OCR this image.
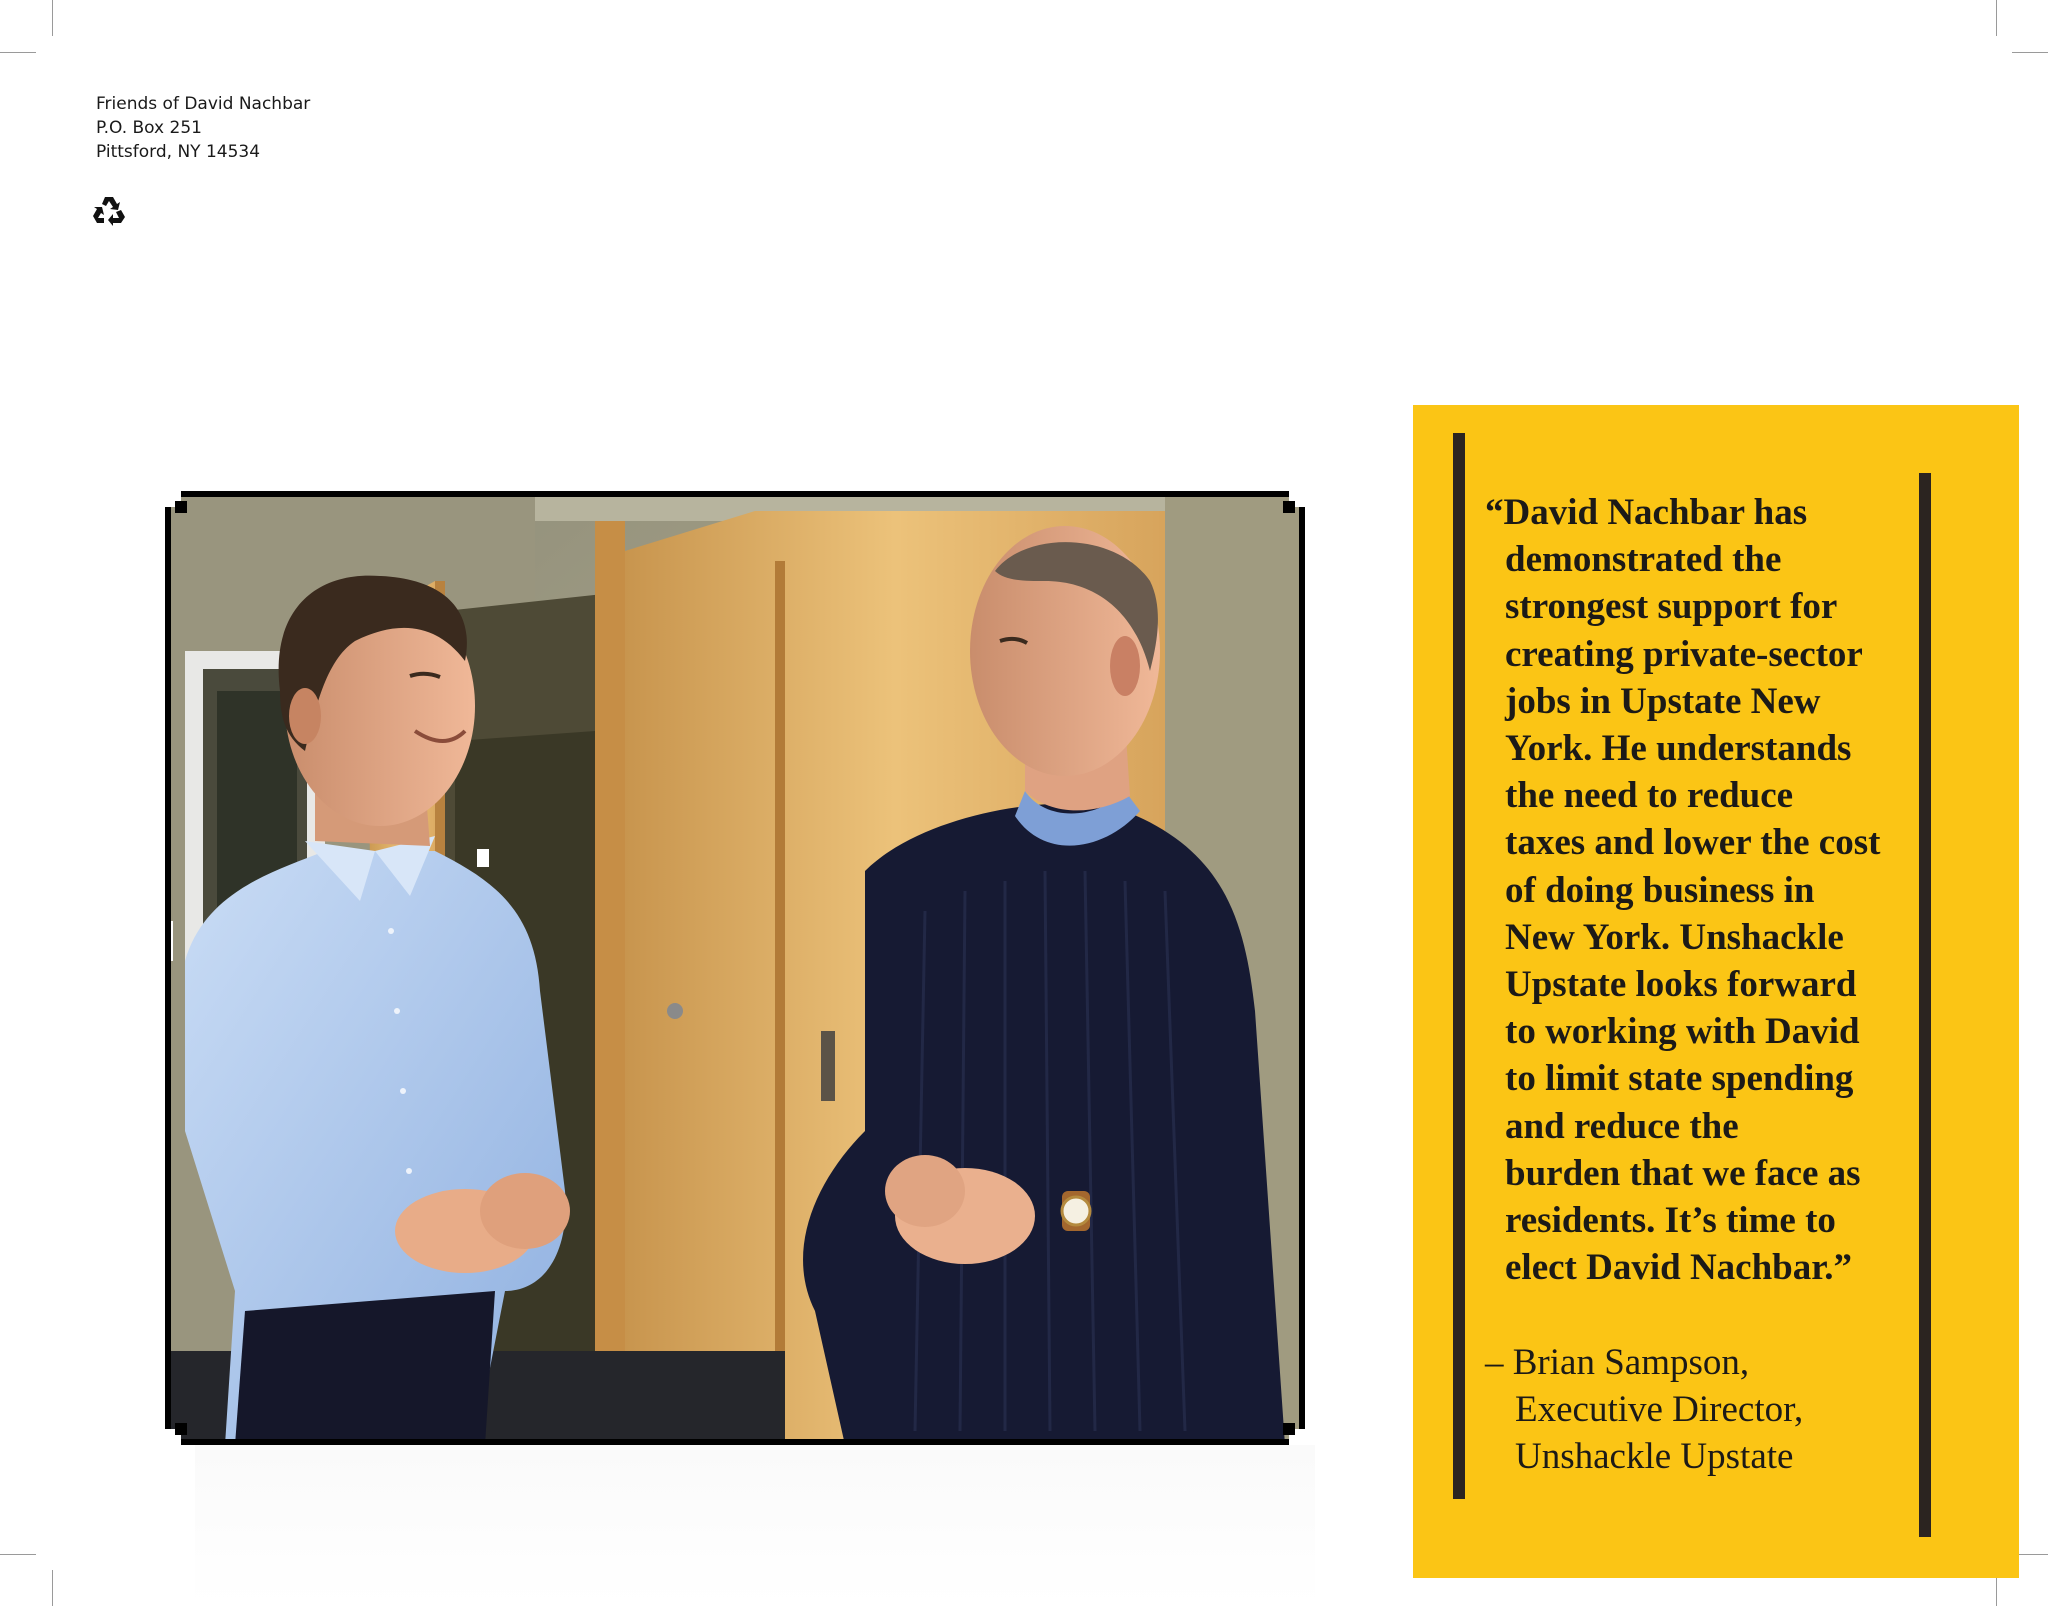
Friends of David Nachbar
P.O. Box 251
Pittsford, NY 14534
“David Nachbar has
demonstrated the
strongest support for
creating private-sector
jobs in Upstate New
York. He understands
the need to reduce
taxes and lower the cost
of doing business in
New York. Unshackle
Upstate looks forward
to working with David
to limit state spending
and reduce the
burden that we face as
residents. It’s time to
elect David Nachbar.”
– Brian Sampson,
Executive Director,
Unshackle Upstate
